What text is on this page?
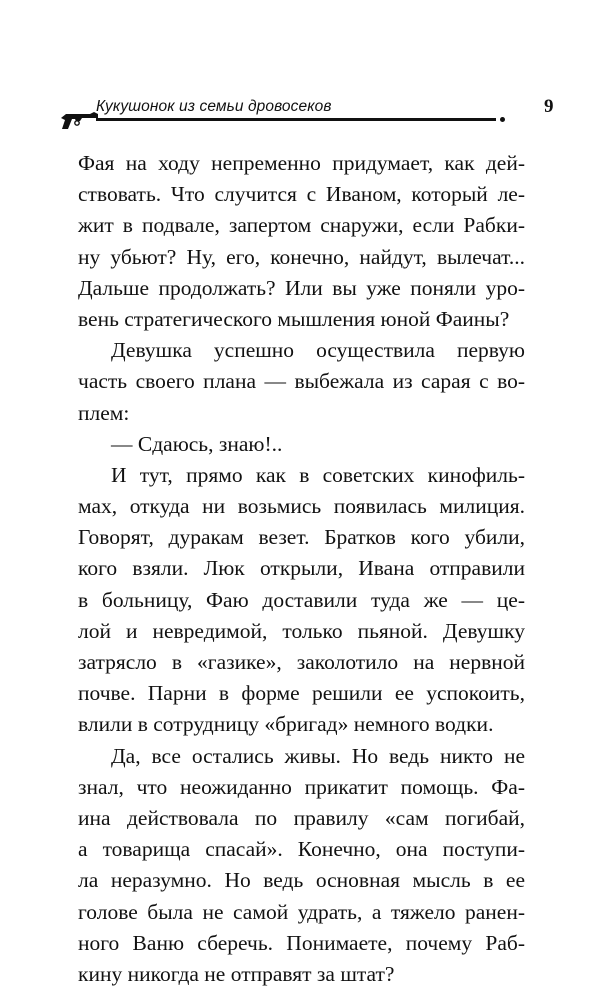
Кукушонок из семьи дровосеков	9
Фая на ходу непременно придумает, как дей-
ствовать. Что случится с Иваном, который ле-
жит в подвале, запертом снаружи, если Рабки-
ну убьют? Ну, его, конечно, найдут, вылечат...
Дальше продолжать? Или вы уже поняли уро-
вень стратегического мышления юной Фаины?
Девушка успешно осуществила первую
часть своего плана — выбежала из сарая с во-
плем:
— Сдаюсь, знаю!..
И тут, прямо как в советских кинофиль-
мах, откуда ни возьмись появилась милиция.
Говорят, дуракам везет. Братков кого убили,
кого взяли. Люк открыли, Ивана отправили
в больницу, Фаю доставили туда же — це-
лой и невредимой, только пьяной. Девушку
затрясло в «газике», заколотило на нервной
почве. Парни в форме решили ее успокоить,
влили в сотрудницу «бригад» немного водки.
Да, все остались живы. Но ведь никто не
знал, что неожиданно прикатит помощь. Фа-
ина действовала по правилу «сам погибай,
а товарища спасай». Конечно, она поступи-
ла неразумно. Но ведь основная мысль в ее
голове была не самой удрать, а тяжело ранен-
ного Ваню сберечь. Понимаете, почему Раб-
кину никогда не отправят за штат?
